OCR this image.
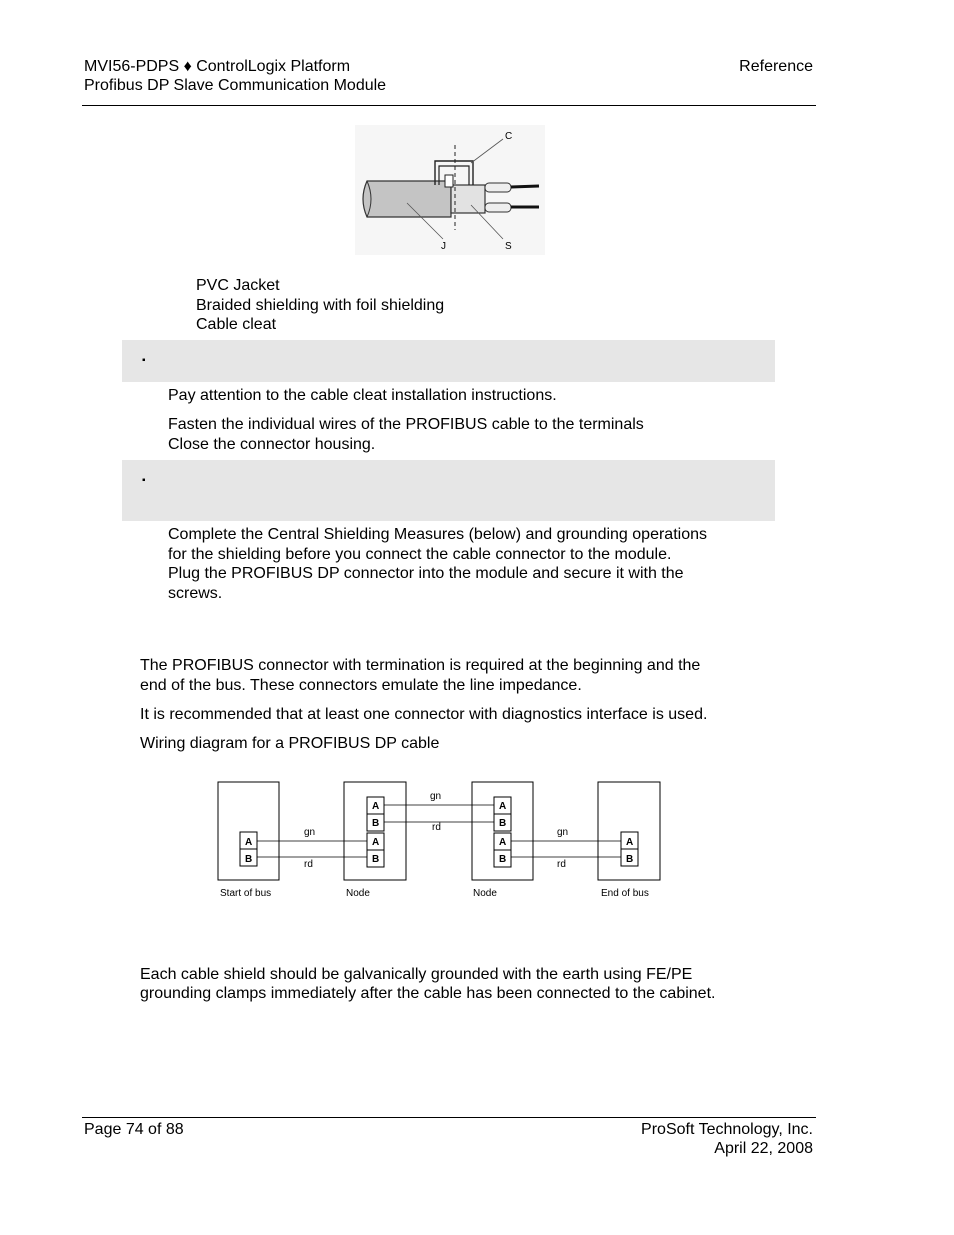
MVI56-PDPS ♦ ControlLogix Platform
Profibus DP Slave Communication Module
Reference
C
J	S
PVC Jacket
Braided shielding with foil shielding
Cable cleat
▪
Pay attention to the cable cleat installation instructions.
Fasten the individual wires of the PROFIBUS cable to the terminals
Close the connector housing.
▪
Complete the Central Shielding Measures (below) and grounding operations
for the shielding before you connect the cable connector to the module.
Plug the PROFIBUS DP connector into the module and secure it with the
screws.
The PROFIBUS connector with termination is required at the beginning and the
end of the bus. These connectors emulate the line impedance.
It is recommended that at least one connector with diagnostics interface is used.
Wiring diagram for a PROFIBUS DP cable
A
B
Start of bus
A
B
A
B
Node
A
B
A
B
Node
A
B
End of bus
gn
rd
gn
rd	gn
rd
Each cable shield should be galvanically grounded with the earth using FE/PE
grounding clamps immediately after the cable has been connected to the cabinet.
Page 74 of 88	ProSoft Technology, Inc.
April 22, 2008
